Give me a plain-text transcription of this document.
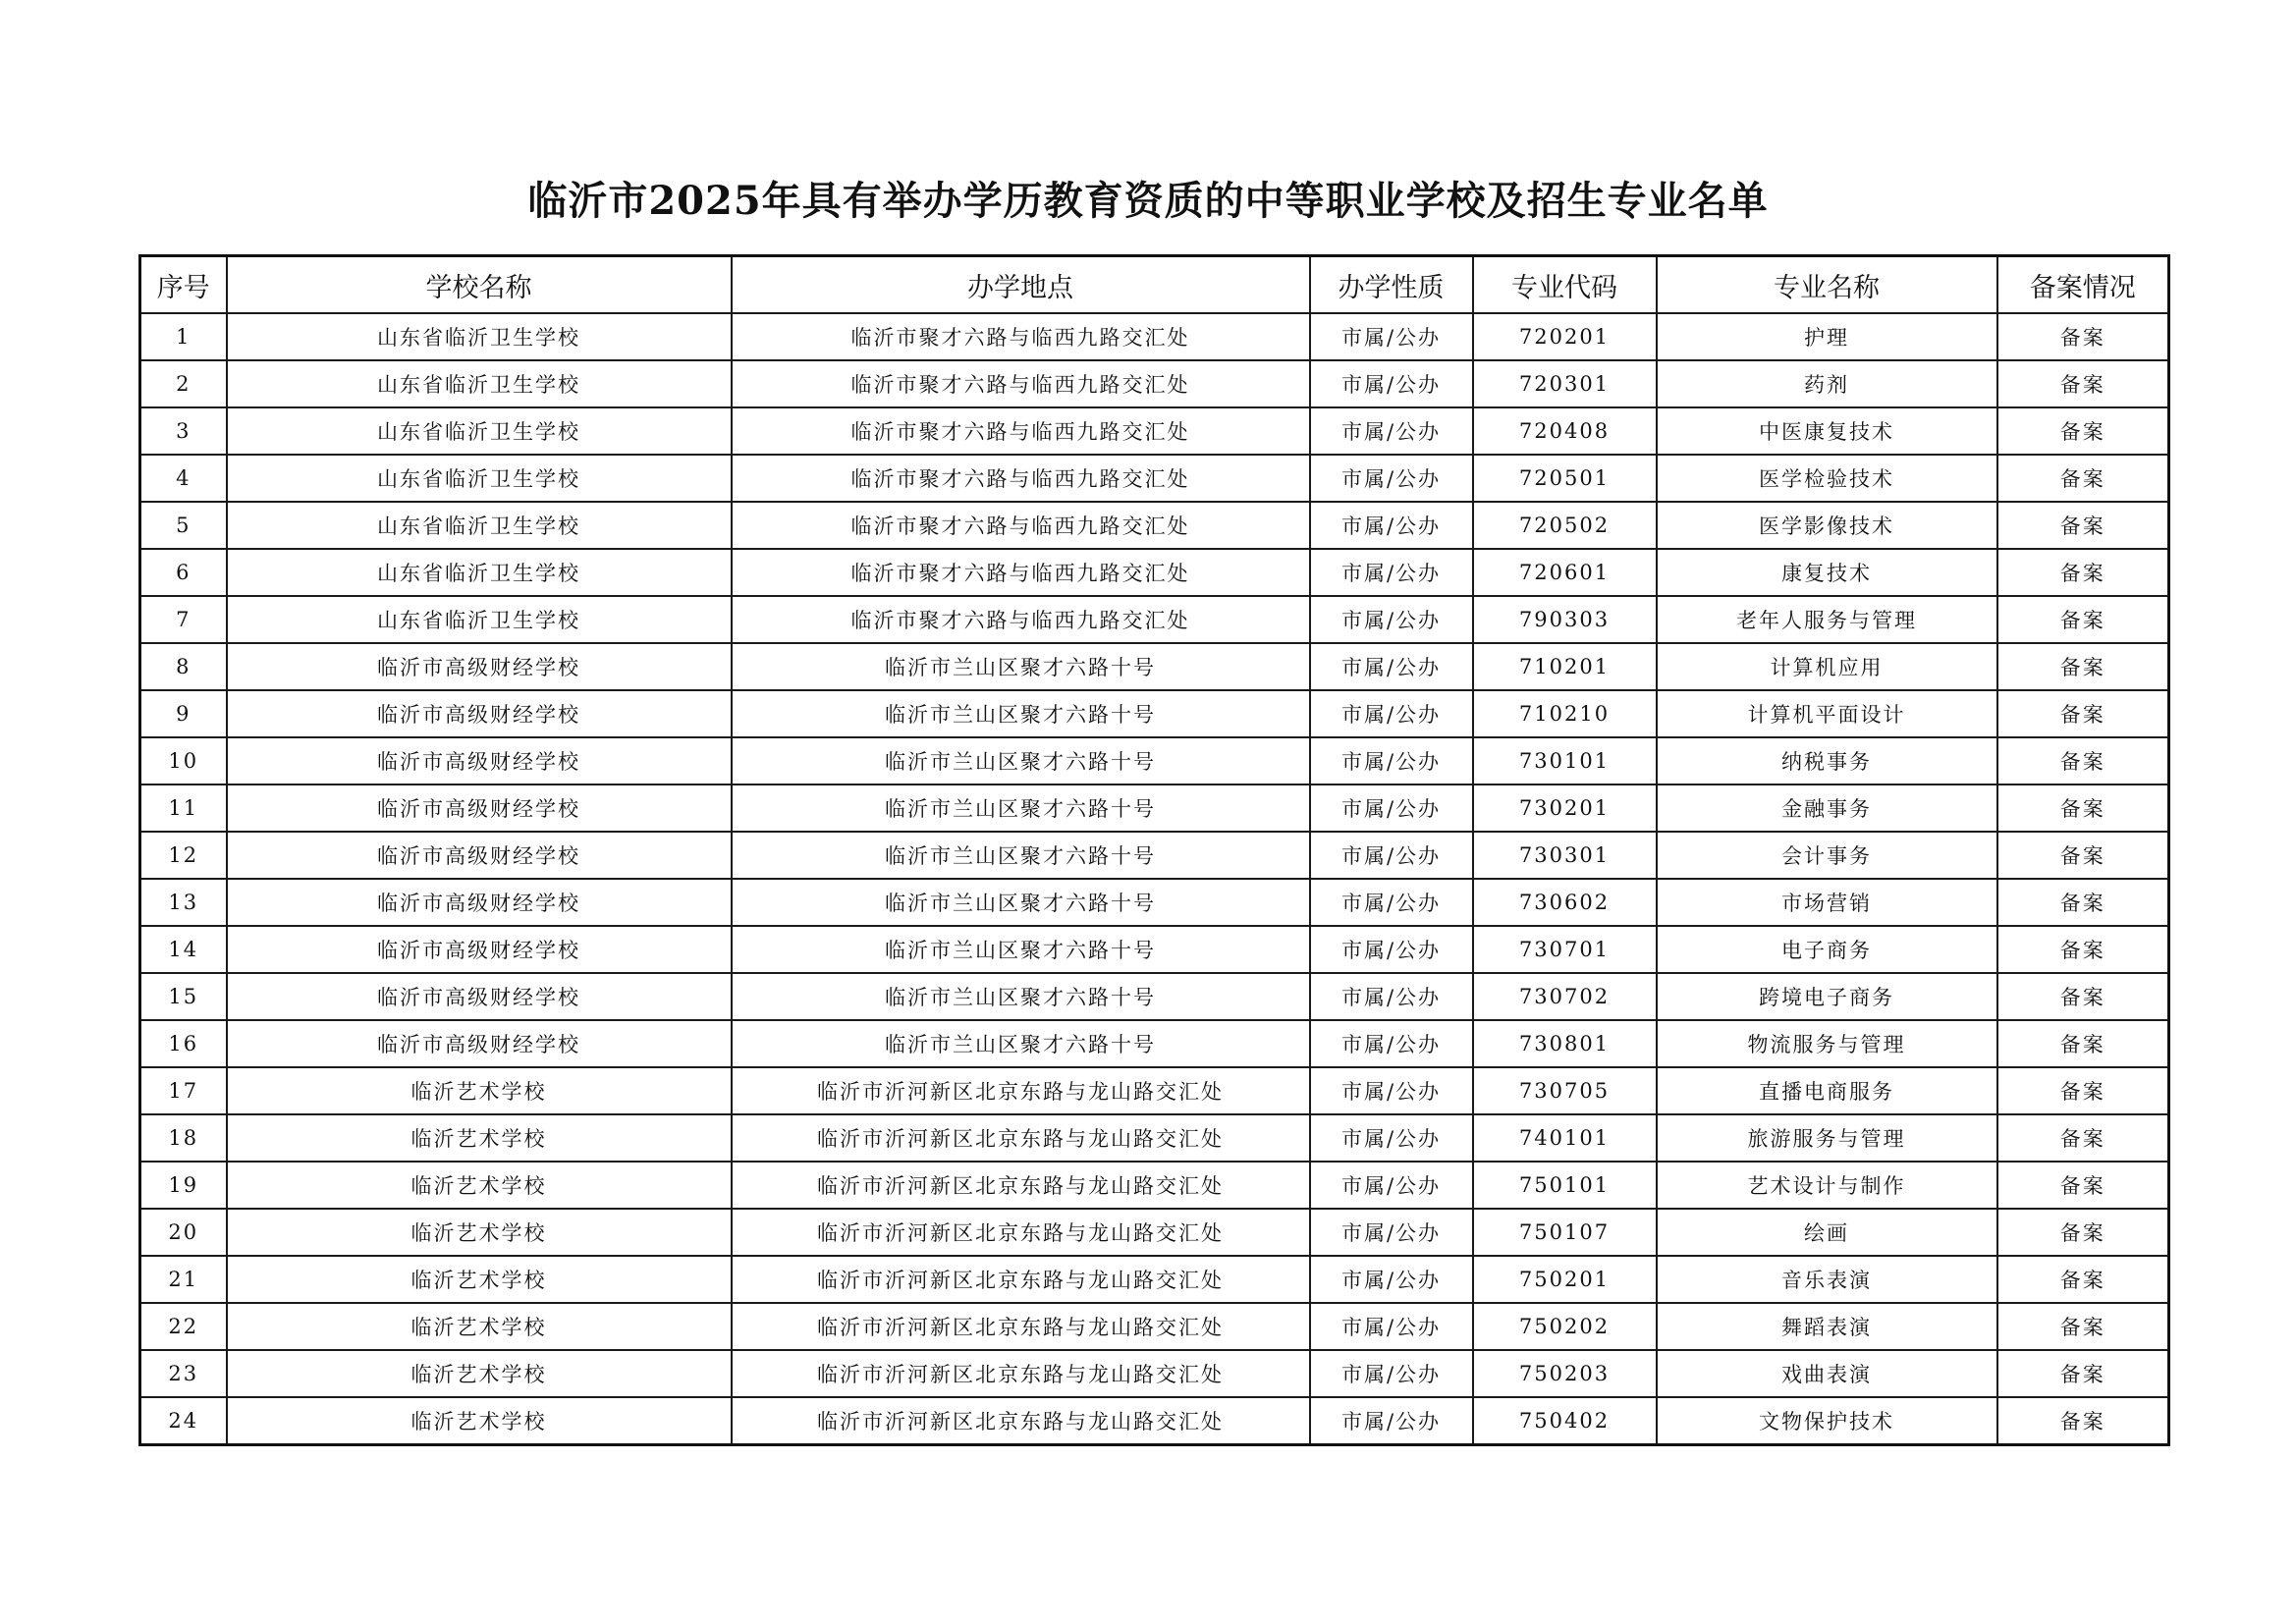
临沂市2025年具有举办学历教育资质的中等职业学校及招生专业名单
序号	学校名称	办学地点	办学性质	专业代码	专业名称	备案情况
1	山东省临沂卫生学校	临沂市聚才六路与临西九路交汇处	市属/公办	720201	护理	备案
2	山东省临沂卫生学校	临沂市聚才六路与临西九路交汇处	市属/公办	720301	药剂	备案
3	山东省临沂卫生学校	临沂市聚才六路与临西九路交汇处	市属/公办	720408	中医康复技术	备案
4	山东省临沂卫生学校	临沂市聚才六路与临西九路交汇处	市属/公办	720501	医学检验技术	备案
5	山东省临沂卫生学校	临沂市聚才六路与临西九路交汇处	市属/公办	720502	医学影像技术	备案
6	山东省临沂卫生学校	临沂市聚才六路与临西九路交汇处	市属/公办	720601	康复技术	备案
7	山东省临沂卫生学校	临沂市聚才六路与临西九路交汇处	市属/公办	790303	老年人服务与管理	备案
8	临沂市高级财经学校	临沂市兰山区聚才六路十号	市属/公办	710201	计算机应用	备案
9	临沂市高级财经学校	临沂市兰山区聚才六路十号	市属/公办	710210	计算机平面设计	备案
10	临沂市高级财经学校	临沂市兰山区聚才六路十号	市属/公办	730101	纳税事务	备案
11	临沂市高级财经学校	临沂市兰山区聚才六路十号	市属/公办	730201	金融事务	备案
12	临沂市高级财经学校	临沂市兰山区聚才六路十号	市属/公办	730301	会计事务	备案
13	临沂市高级财经学校	临沂市兰山区聚才六路十号	市属/公办	730602	市场营销	备案
14	临沂市高级财经学校	临沂市兰山区聚才六路十号	市属/公办	730701	电子商务	备案
15	临沂市高级财经学校	临沂市兰山区聚才六路十号	市属/公办	730702	跨境电子商务	备案
16	临沂市高级财经学校	临沂市兰山区聚才六路十号	市属/公办	730801	物流服务与管理	备案
17	临沂艺术学校	临沂市沂河新区北京东路与龙山路交汇处	市属/公办	730705	直播电商服务	备案
18	临沂艺术学校	临沂市沂河新区北京东路与龙山路交汇处	市属/公办	740101	旅游服务与管理	备案
19	临沂艺术学校	临沂市沂河新区北京东路与龙山路交汇处	市属/公办	750101	艺术设计与制作	备案
20	临沂艺术学校	临沂市沂河新区北京东路与龙山路交汇处	市属/公办	750107	绘画	备案
21	临沂艺术学校	临沂市沂河新区北京东路与龙山路交汇处	市属/公办	750201	音乐表演	备案
22	临沂艺术学校	临沂市沂河新区北京东路与龙山路交汇处	市属/公办	750202	舞蹈表演	备案
23	临沂艺术学校	临沂市沂河新区北京东路与龙山路交汇处	市属/公办	750203	戏曲表演	备案
24	临沂艺术学校	临沂市沂河新区北京东路与龙山路交汇处	市属/公办	750402	文物保护技术	备案
